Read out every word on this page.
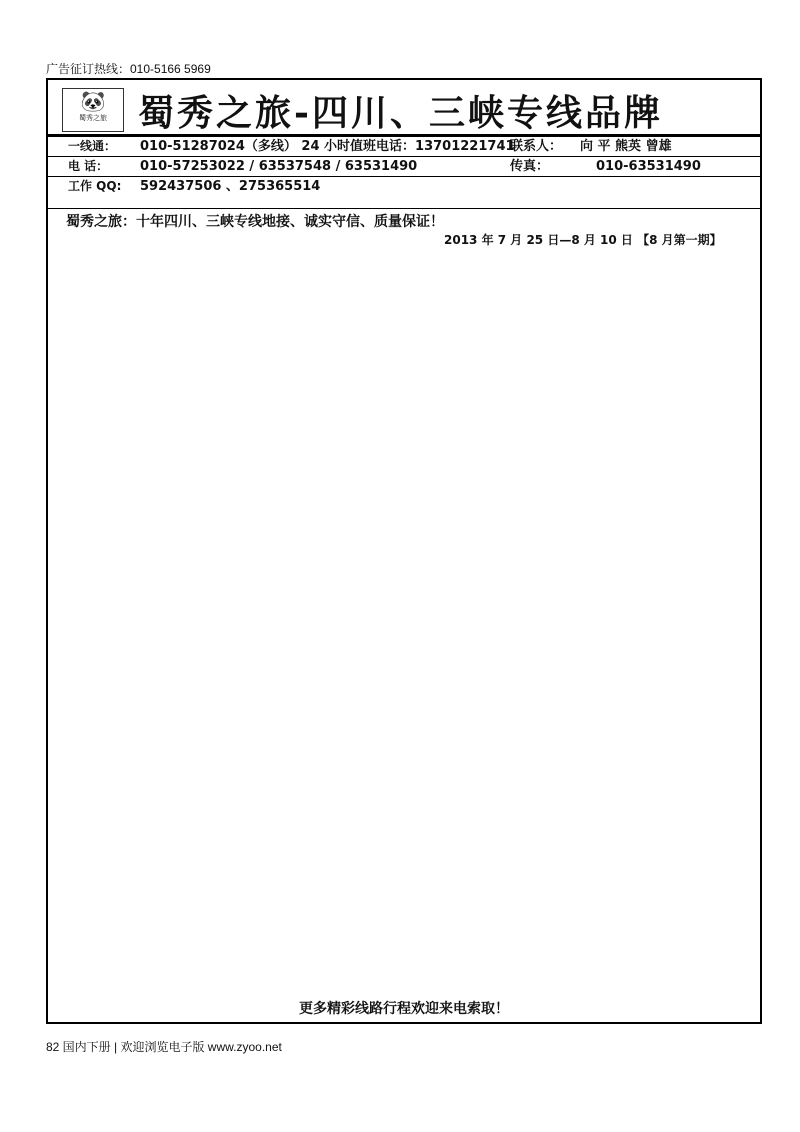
广告征订热线：010-5166 5969
🐼
蜀秀之旅 蜀秀之旅-四川、三峡专线品牌
一线通： 010-51287024（多线） 24 小时值班电话：13701221741
联系人： 向 平 熊英 曾雄
电 话： 010-57253022 / 63537548 / 63531490	传真：	010-63531490
工作 QQ: 592437506 、275365514
蜀秀之旅：十年四川、三峡专线地接、诚实守信、质量保证！
2013 年 7 月 25 日—8 月 10 日 【8 月第一期】
更多精彩线路行程欢迎来电索取！
82 国内下册 | 欢迎浏览电子版 www.zyoo.net
